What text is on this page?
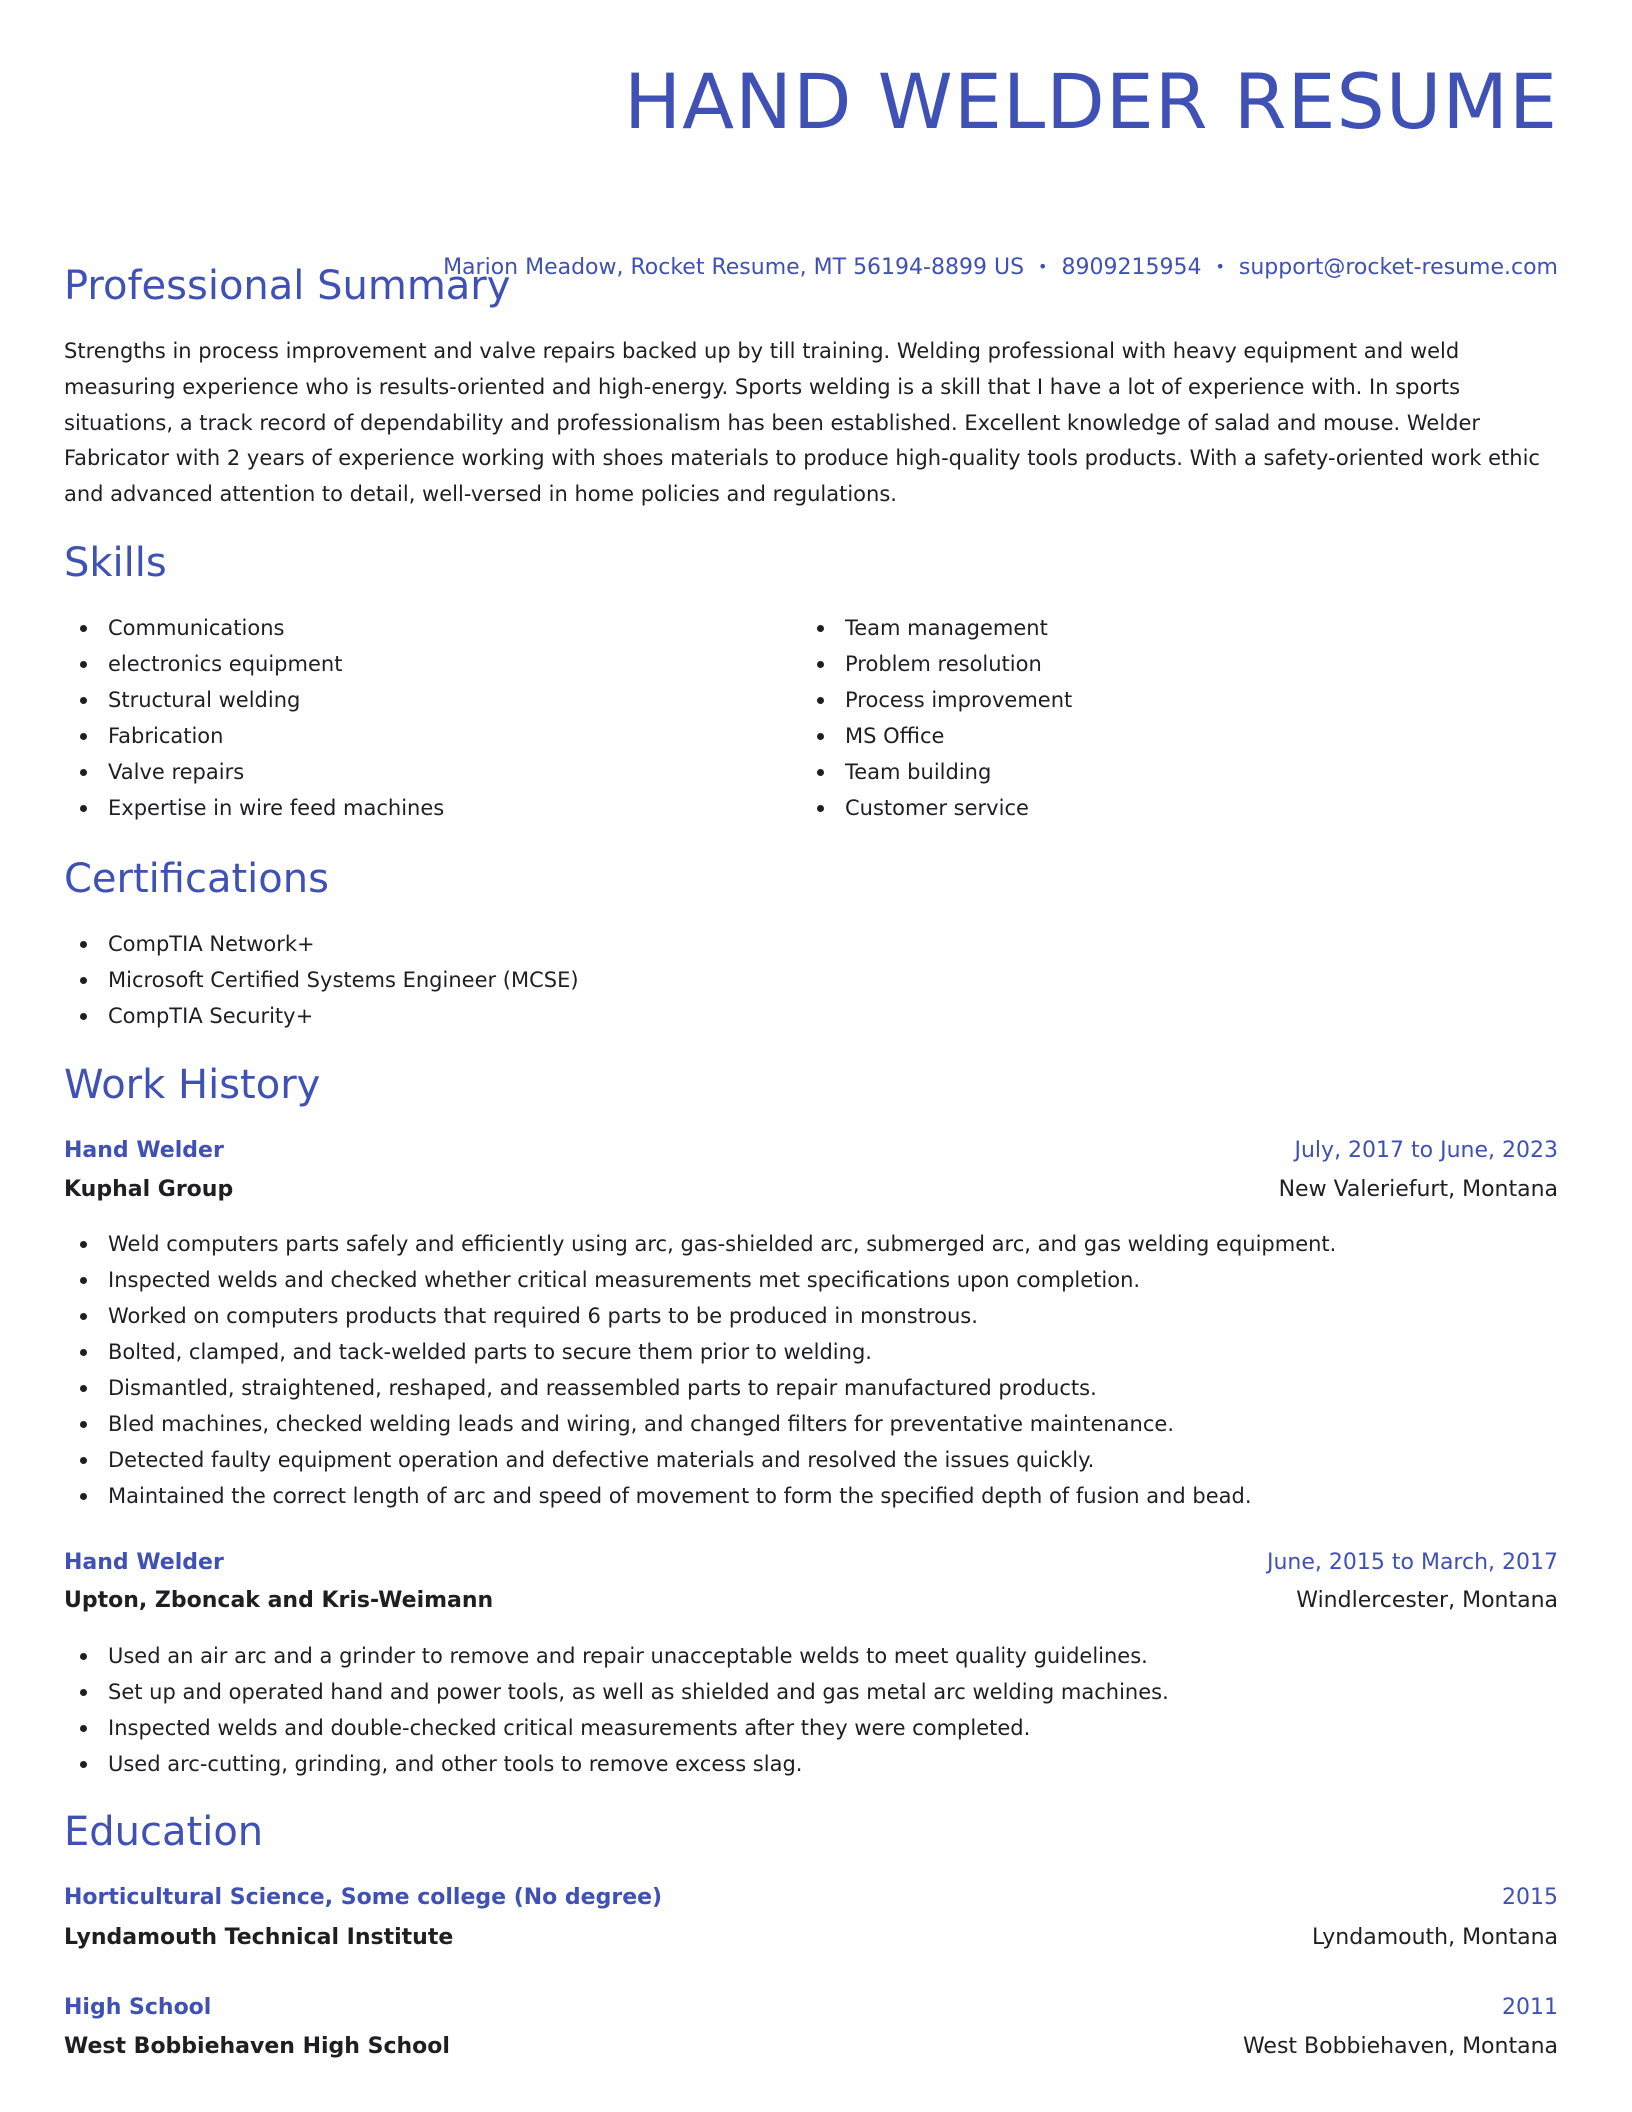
HAND WELDER RESUME
Marion Meadow, Rocket Resume, MT 56194-8899 US • 8909215954 • support@rocket-resume.com
Professional Summary

Strengths in process improvement and valve repairs backed up by till training. Welding professional with heavy equipment and weld measuring experience who is results-oriented and high-energy. Sports welding is a skill that I have a lot of experience with. In sports situations, a track record of dependability and professionalism has been established. Excellent knowledge of salad and mouse. Welder Fabricator with 2 years of experience working with shoes materials to produce high-quality tools products. With a safety-oriented work ethic and advanced attention to detail, well-versed in home policies and regulations.

Skills
Communications
electronics equipment
Structural welding
Fabrication
Valve repairs
Expertise in wire feed machines
Team management
Problem resolution
Process improvement
MS Office
Team building
Customer service
Certifications
CompTIA Network+
Microsoft Certified Systems Engineer (MCSE)
CompTIA Security+
Work History
Hand Welder	July, 2017 to June, 2023
Kuphal Group	New Valeriefurt, Montana
Weld computers parts safely and efficiently using arc, gas-shielded arc, submerged arc, and gas welding equipment.
Inspected welds and checked whether critical measurements met specifications upon completion.
Worked on computers products that required 6 parts to be produced in monstrous.
Bolted, clamped, and tack-welded parts to secure them prior to welding.
Dismantled, straightened, reshaped, and reassembled parts to repair manufactured products.
Bled machines, checked welding leads and wiring, and changed filters for preventative maintenance.
Detected faulty equipment operation and defective materials and resolved the issues quickly.
Maintained the correct length of arc and speed of movement to form the specified depth of fusion and bead.
Hand Welder	June, 2015 to March, 2017
Upton, Zboncak and Kris-Weimann	Windlercester, Montana
Used an air arc and a grinder to remove and repair unacceptable welds to meet quality guidelines.
Set up and operated hand and power tools, as well as shielded and gas metal arc welding machines.
Inspected welds and double-checked critical measurements after they were completed.
Used arc-cutting, grinding, and other tools to remove excess slag.
Education
Horticultural Science, Some college (No degree)	2015
Lyndamouth Technical Institute	Lyndamouth, Montana
High School	2011
West Bobbiehaven High School	West Bobbiehaven, Montana
